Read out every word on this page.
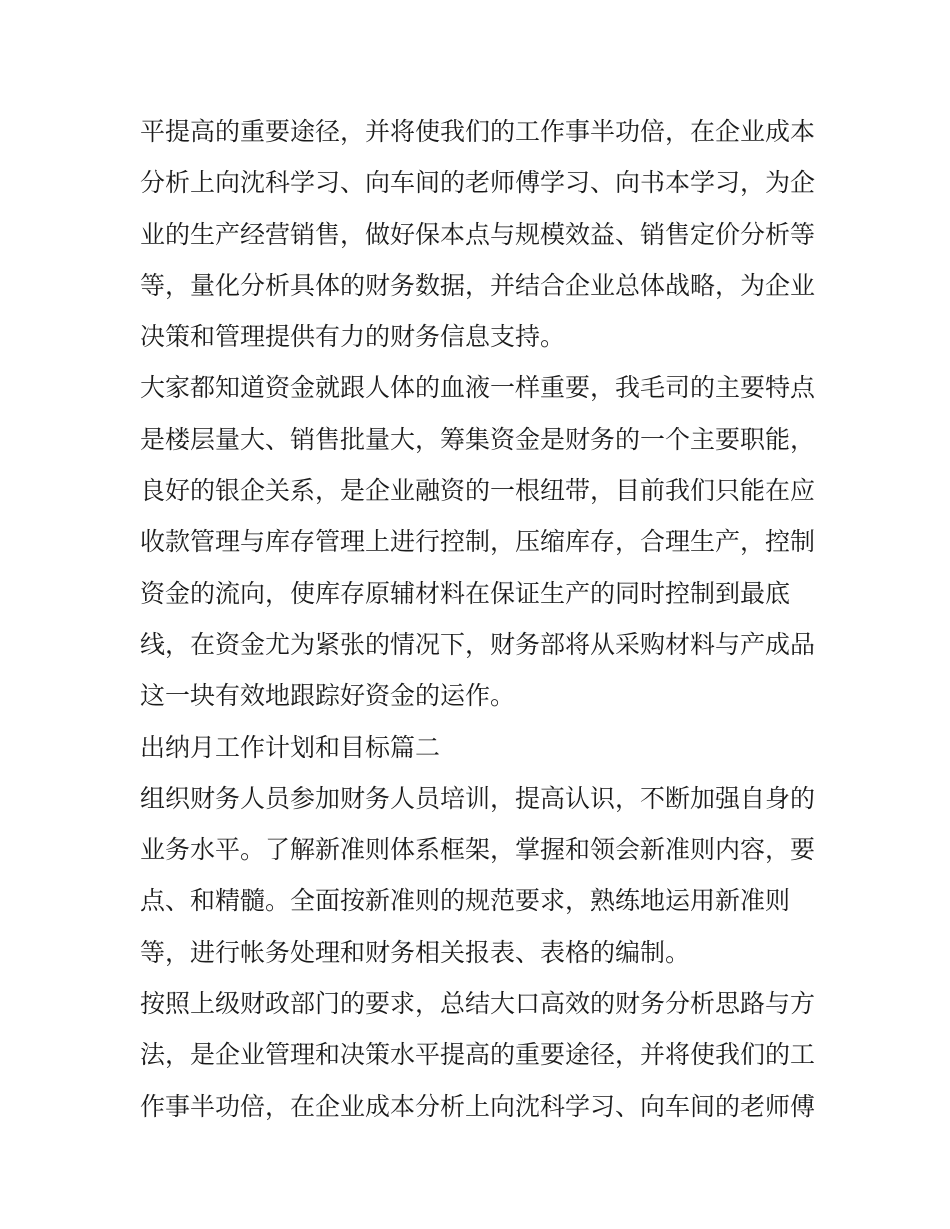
平提高的重要途径，并将使我们的工作事半功倍，在企业成本
分析上向沈科学习、向车间的老师傅学习、向书本学习，为企
业的生产经营销售，做好保本点与规模效益、销售定价分析等
等，量化分析具体的财务数据，并结合企业总体战略，为企业
决策和管理提供有力的财务信息支持。
大家都知道资金就跟人体的血液一样重要，我毛司的主要特点
是楼层量大、销售批量大，筹集资金是财务的一个主要职能，
良好的银企关系，是企业融资的一根纽带，目前我们只能在应
收款管理与库存管理上进行控制，压缩库存，合理生产，控制
资金的流向，使库存原辅材料在保证生产的同时控制到最底
线，在资金尤为紧张的情况下，财务部将从采购材料与产成品
这一块有效地跟踪好资金的运作。
出纳月工作计划和目标篇二
组织财务人员参加财务人员培训，提高认识，不断加强自身的
业务水平。了解新准则体系框架，掌握和领会新准则内容，要
点、和精髓。全面按新准则的规范要求，熟练地运用新准则
等，进行帐务处理和财务相关报表、表格的编制。
按照上级财政部门的要求，总结大口高效的财务分析思路与方
法，是企业管理和决策水平提高的重要途径，并将使我们的工
作事半功倍，在企业成本分析上向沈科学习、向车间的老师傅
